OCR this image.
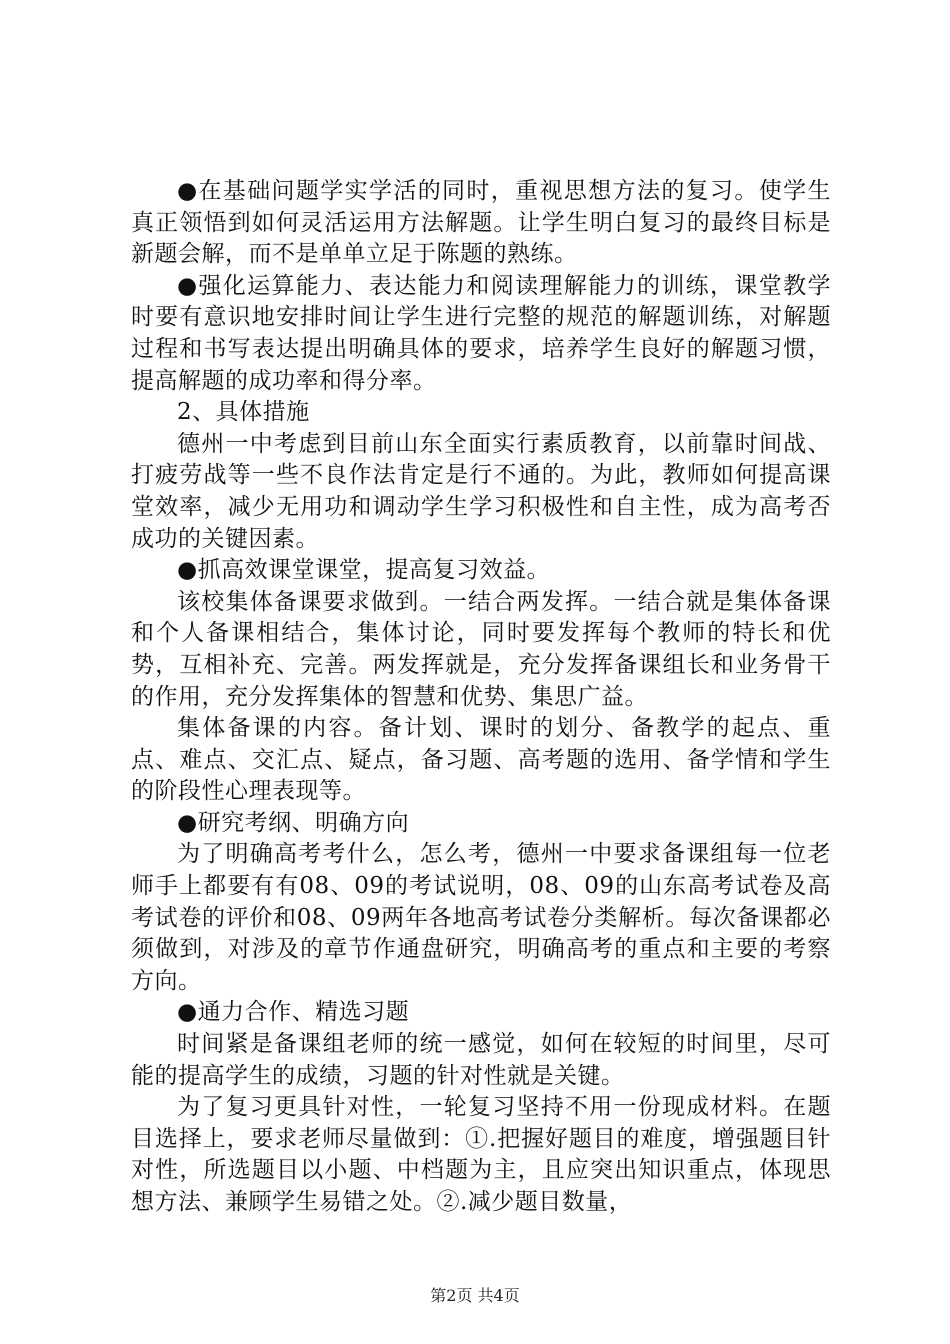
●在基础问题学实学活的同时，重视思想方法的复习。使学生真正领悟到如何灵活运用方法解题。让学生明白复习的最终目标是新题会解，而不是单单立足于陈题的熟练。

●强化运算能力、表达能力和阅读理解能力的训练，课堂教学时要有意识地安排时间让学生进行完整的规范的解题训练，对解题过程和书写表达提出明确具体的要求，培养学生良好的解题习惯，提高解题的成功率和得分率。

2、具体措施

德州一中考虑到目前山东全面实行素质教育，以前靠时间战、打疲劳战等一些不良作法肯定是行不通的。为此，教师如何提高课堂效率，减少无用功和调动学生学习积极性和自主性，成为高考否成功的关键因素。

●抓高效课堂课堂，提高复习效益。

该校集体备课要求做到。一结合两发挥。一结合就是集体备课和个人备课相结合，集体讨论，同时要发挥每个教师的特长和优势，互相补充、完善。两发挥就是，充分发挥备课组长和业务骨干的作用，充分发挥集体的智慧和优势、集思广益。

集体备课的内容。备计划、课时的划分、备教学的起点、重点、难点、交汇点、疑点，备习题、高考题的选用、备学情和学生的阶段性心理表现等。

●研究考纲、明确方向

为了明确高考考什么，怎么考，德州一中要求备课组每一位老师手上都要有有08、09的考试说明，08、09的山东高考试卷及高考试卷的评价和08、09两年各地高考试卷分类解析。每次备课都必须做到，对涉及的章节作通盘研究，明确高考的重点和主要的考察方向。

●通力合作、精选习题

时间紧是备课组老师的统一感觉，如何在较短的时间里，尽可能的提高学生的成绩，习题的针对性就是关键。

为了复习更具针对性，一轮复习坚持不用一份现成材料。在题目选择上，要求老师尽量做到：①.把握好题目的难度，增强题目针对性，所选题目以小题、中档题为主，且应突出知识重点，体现思想方法、兼顾学生易错之处。②.减少题目数量，

第2页 共4页
